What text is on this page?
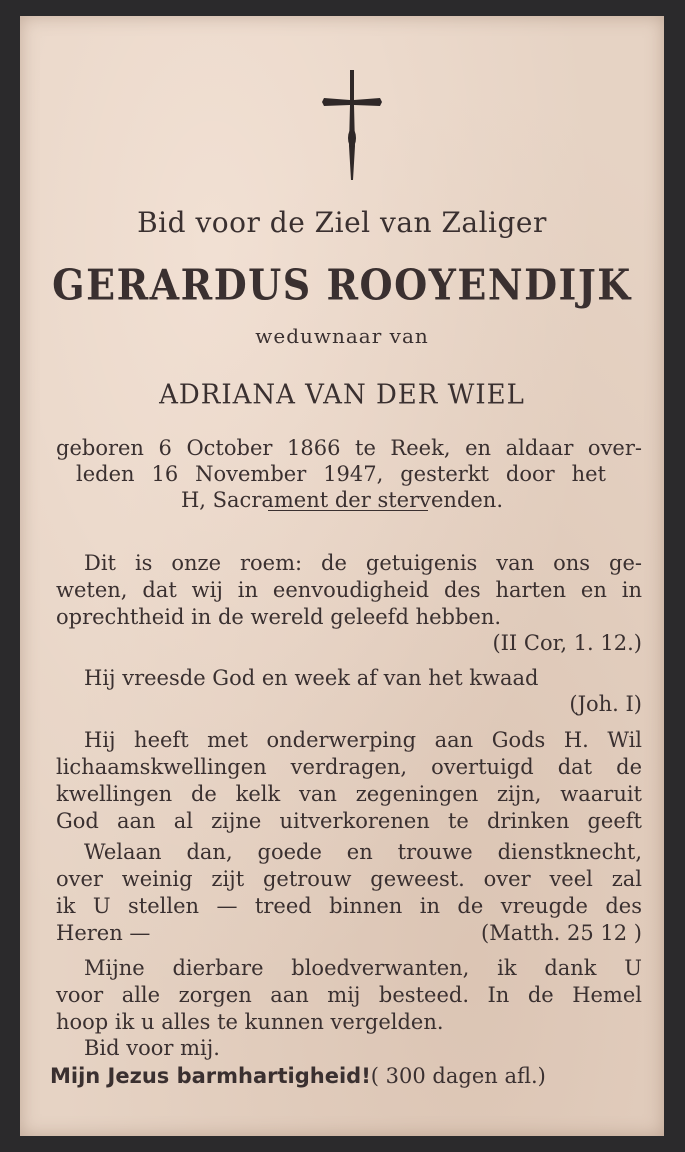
Bid voor de Ziel van Zaliger
GERARDUS ROOYENDIJK
weduwnaar van
ADRIANA VAN DER WIEL
geboren 6 October 1866 te Reek, en aldaar over-
leden 16 November 1947, gesterkt door het
H, Sacrament der stervenden.
Dit is onze roem: de getuigenis van ons ge-
weten, dat wij in eenvoudigheid des harten en in
oprechtheid in de wereld geleefd hebben.
(II Cor, 1. 12.)
Hij vreesde God en week af van het kwaad
(Joh. I)
Hij heeft met onderwerping aan Gods H. Wil
lichaamskwellingen verdragen, overtuigd dat de
kwellingen de kelk van zegeningen zijn, waaruit
God aan al zijne uitverkorenen te drinken geeft
Welaan dan, goede en trouwe dienstknecht,
over weinig zijt getrouw geweest. over veel zal
ik U stellen — treed binnen in de vreugde des
Heren —	(Matth. 25 12 )
Mijne dierbare bloedverwanten, ik dank U
voor alle zorgen aan mij besteed. In de Hemel
hoop ik u alles te kunnen vergelden.
Bid voor mij.
Mijn Jezus barmhartigheid!( 300 dagen afl.)
